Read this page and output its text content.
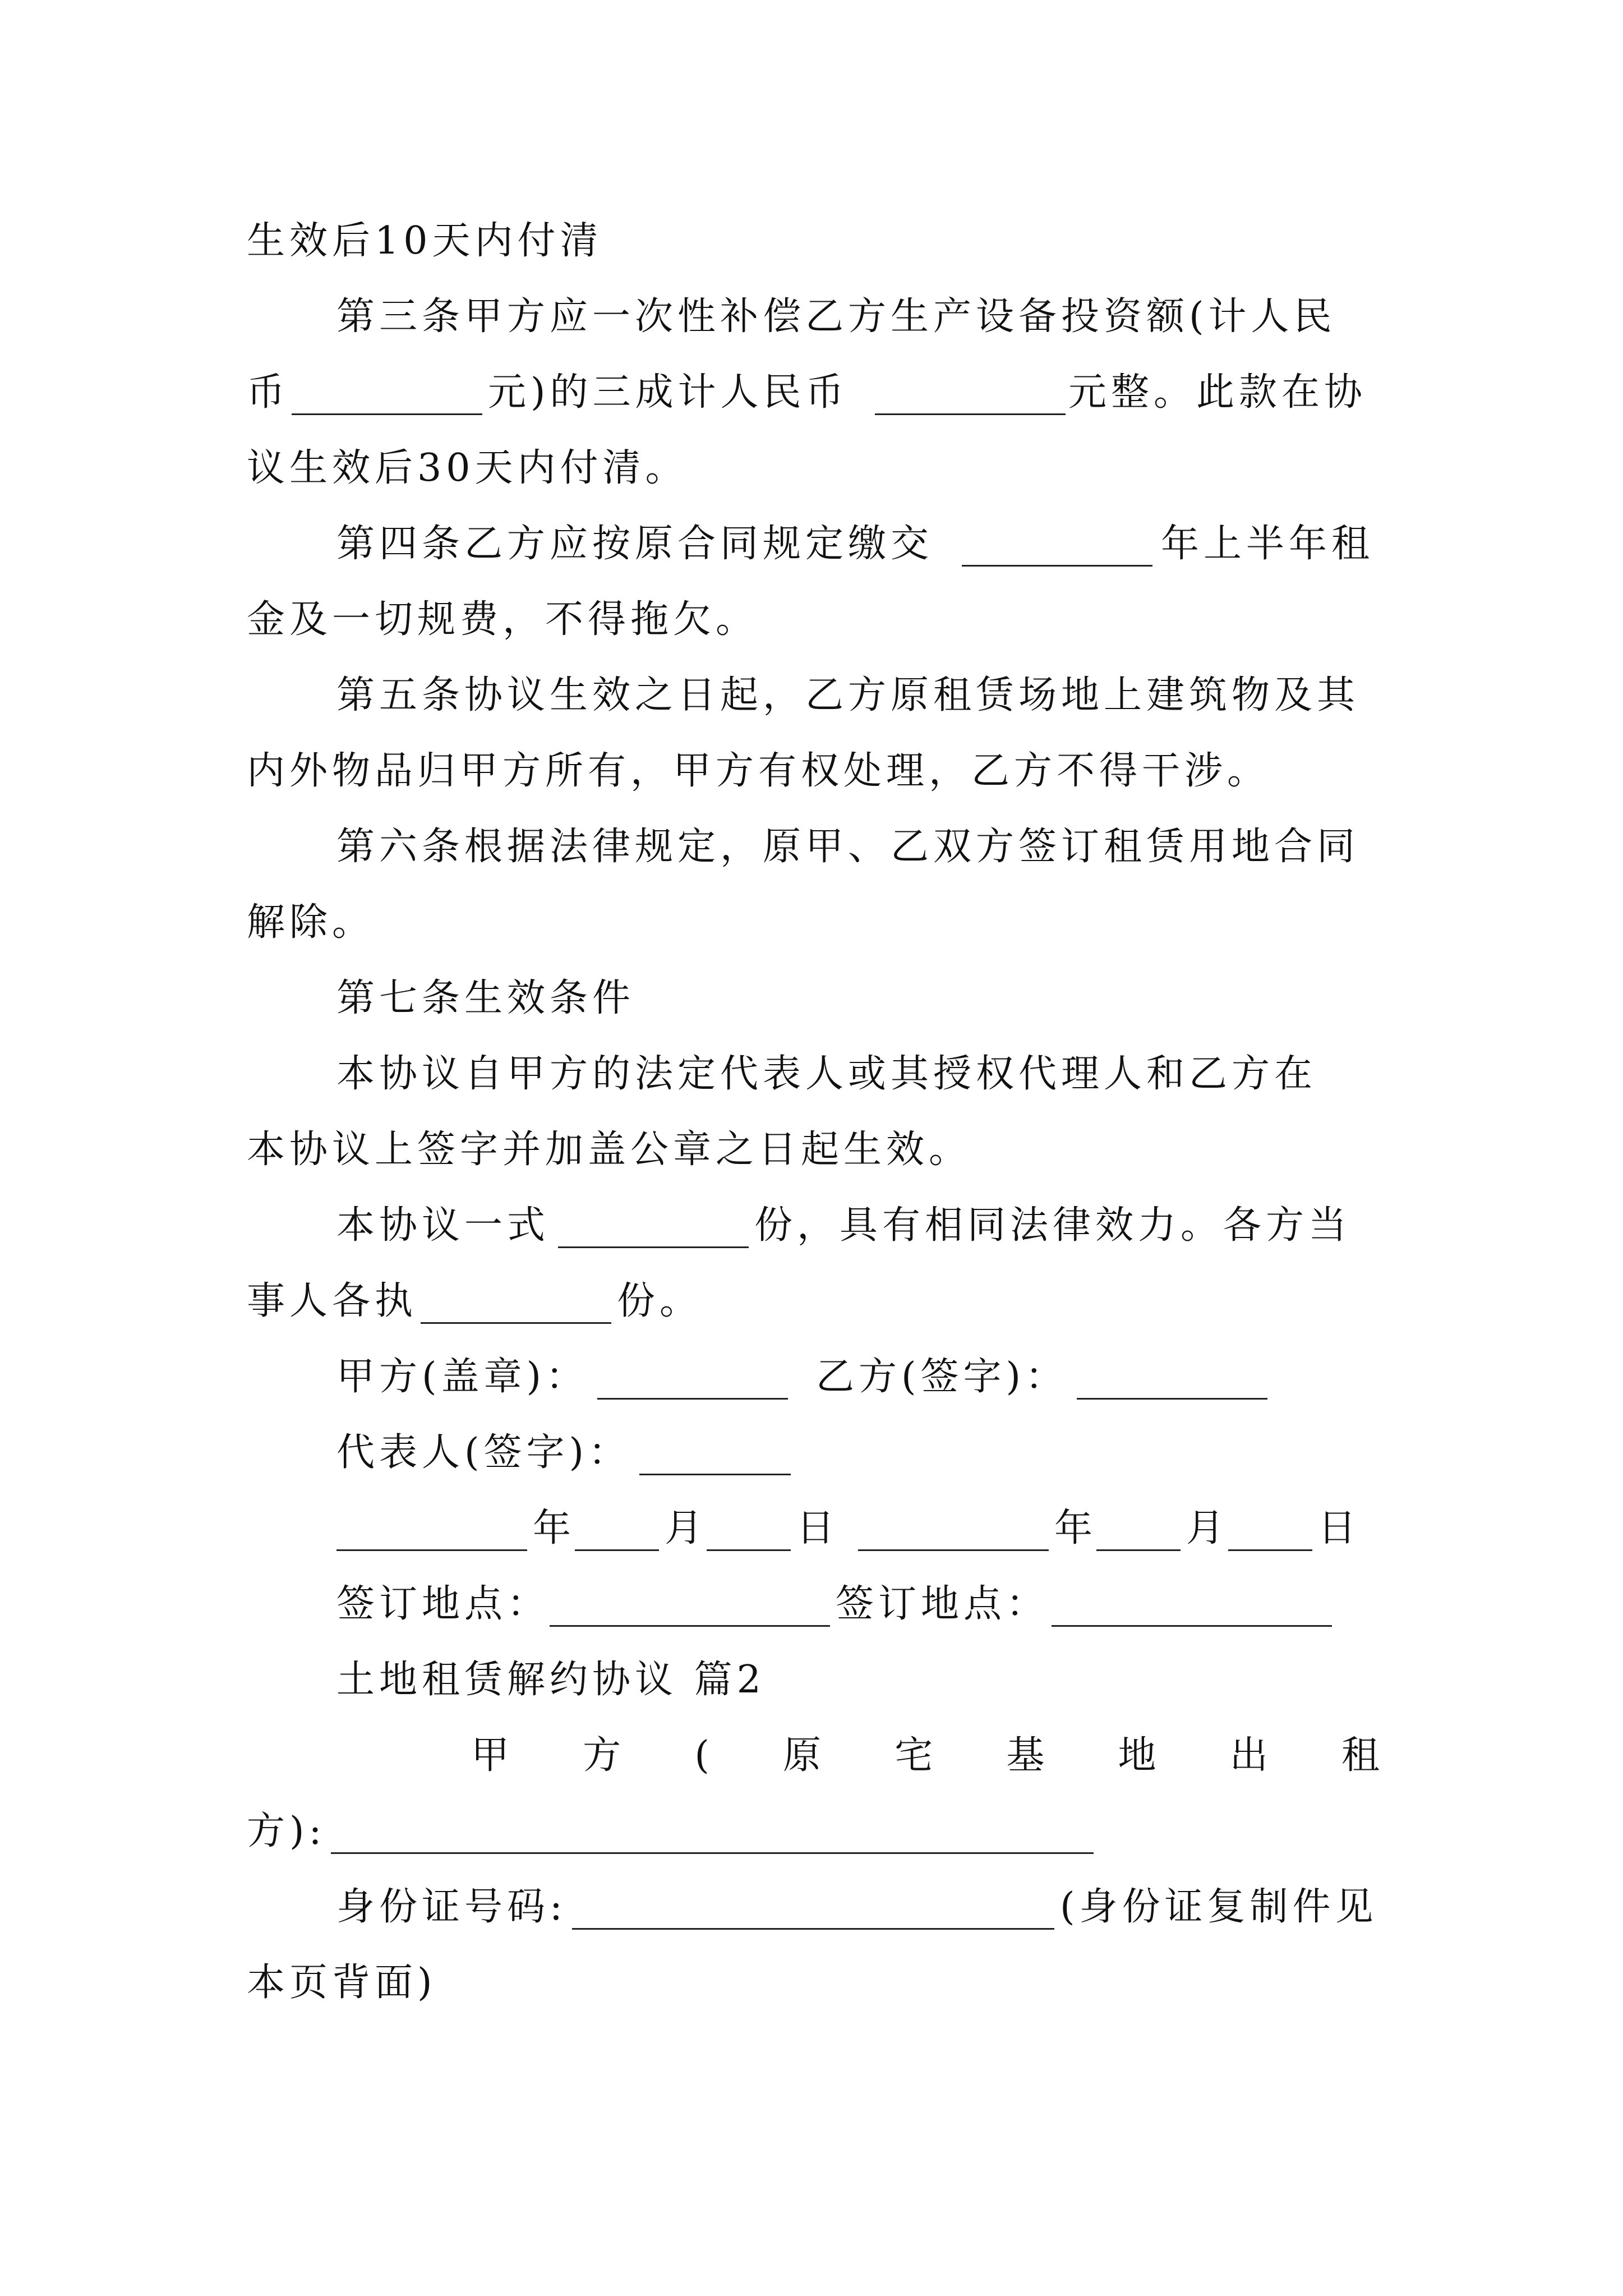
生效后10天内付清
第三条甲方应一次性补偿乙方生产设备投资额(计人民
币	元)的三成计人民币	元整。此款在协
议生效后30天内付清。
第四条乙方应按原合同规定缴交	年上半年租
金及一切规费，不得拖欠。
第五条协议生效之日起，乙方原租赁场地上建筑物及其
内外物品归甲方所有，甲方有权处理，乙方不得干涉。
第六条根据法律规定，原甲、乙双方签订租赁用地合同
解除。
第七条生效条件
本协议自甲方的法定代表人或其授权代理人和乙方在
本协议上签字并加盖公章之日起生效。
本协议一式	份，具有相同法律效力。各方当
事人各执	份。
甲方(盖章)：	乙方(签字)：
代表人(签字)：
年 月 日	年 月 日
签订地点：	签订地点：
土地租赁解约协议 篇2
甲 方 ( 原 宅 基 地 出 租
方):
身份证号码:	(身份证复制件见
本页背面)
